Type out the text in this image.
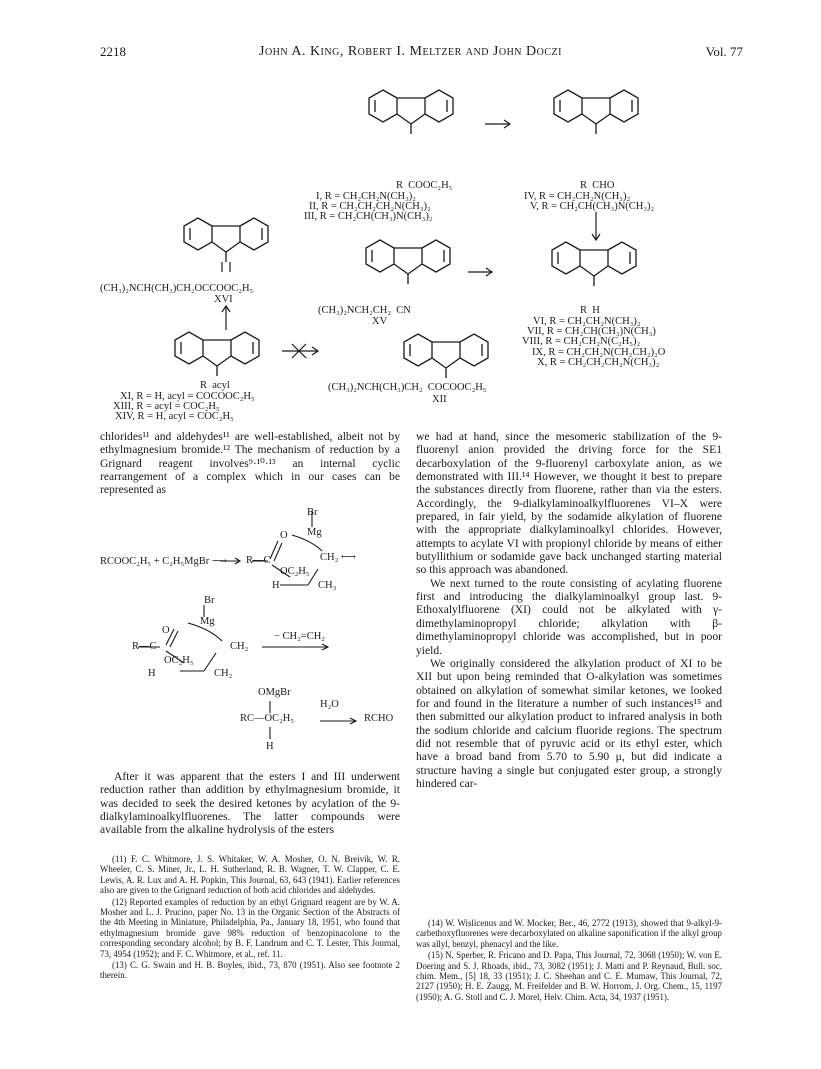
2218	John A. King, Robert I. Meltzer and John Doczi	Vol. 77
R  COOC₂H₅
I, R = CH₂CH₂N(CH₃)₂
II, R = CH₂CH₂CH₂N(CH₃)₂
III, R = CH₂CH(CH₃)N(CH₃)₂
R  CHO
IV, R = CH₂CH₂N(CH₃)₂
V, R = CH₂CH(CH₃)N(CH₃)₂
(CH₃)₂NCH(CH₃)CH₂OCCOOC₂H₅
XVI
(CH₃)₂NCH₂CH₂  CN
XV
R  H
VI, R = CH₂CH₂N(CH₃)₂
VII, R = CH₂CH(CH₃)N(CH₃)
VIII, R = CH₂CH₂N(C₂H₅)₂
IX, R = CH₂CH₂N(CH₂CH₂)₂O
X, R = CH₂CH₂CH₂N(CH₃)₂
R  acyl
XI, R = H, acyl = COCOOC₂H₅
XIII, R = acyl = COC₂H₅
XIV, R = H, acyl = COC₂H₅
(CH₃)₂NCH(CH₃)CH₂  COCOOC₂H₅
XII

chlorides¹¹ and aldehydes¹¹ are well-established, albeit not by ethylmagnesium bromide.¹² The mechanism of reduction by a Grignard reagent involves⁹·¹⁰·¹³ an internal cyclic rearrangement of a complex which in our cases can be represented as

RCOOC₂H₅ + C₂H₅MgBr ⟶ R—C
O
Br
Mg
OC₂H₅
CH₂ ⟷
H	CH₃
Br
Mg
O
R—C	CH₂
OC₂H₅
H	CH₂
− CH₂=CH₂
OMgBr
RC—OC₂H₅
H₂O
RCHO
H

After it was apparent that the esters I and III underwent reduction rather than addition by ethylmagnesium bromide, it was decided to seek the desired ketones by acylation of the 9-dialkylaminoalkylfluorenes. The latter compounds were available from the alkaline hydrolysis of the esters

(11) F. C. Whitmore, J. S. Whitaker, W. A. Mosher, O. N. Breivik, W. R. Wheeler, C. S. Miner, Jr., L. H. Sutherland, R. B. Wagner, T. W. Clapper, C. E. Lewis, A. R. Lux and A. H. Popkin, This Journal, 63, 643 (1941). Earlier references also are given to the Grignard reduction of both acid chlorides and aldehydes.

(12) Reported examples of reduction by an ethyl Grignard reagent are by W. A. Mosher and L. J. Prucino, paper No. 13 in the Organic Section of the Abstracts of the 4th Meeting in Miniature, Philadelphia, Pa., January 18, 1951, who found that ethylmagnesium bromide gave 98% reduction of benzopinacolone to the corresponding secondary alcohol; by B. F. Landrum and C. T. Lester, This Journal, 73, 4954 (1952); and F. C. Whitmore, et al., ref. 11.

(13) C. G. Swain and H. B. Boyles, ibid., 73, 870 (1951). Also see footnote 2 therein.

we had at hand, since the mesomeric stabilization of the 9-fluorenyl anion provided the driving force for the SE1 decarboxylation of the 9-fluorenyl carboxylate anion, as we demonstrated with III.¹⁴ However, we thought it best to prepare the substances directly from fluorene, rather than via the esters. Accordingly, the 9-dialkylaminoalkylfluorenes VI–X were prepared, in fair yield, by the sodamide alkylation of fluorene with the appropriate dialkylaminoalkyl chlorides. However, attempts to acylate VI with propionyl chloride by means of either butyllithium or sodamide gave back unchanged starting material so this approach was abandoned.

We next turned to the route consisting of acylating fluorene first and introducing the dialkylaminoalkyl group last. 9-Ethoxalylfluorene (XI) could not be alkylated with γ-dimethylaminopropyl chloride; alkylation with β-dimethylaminopropyl chloride was accomplished, but in poor yield.

We originally considered the alkylation product of XI to be XII but upon being reminded that O-alkylation was sometimes obtained on alkylation of somewhat similar ketones, we looked for and found in the literature a number of such instances¹⁵ and then submitted our alkylation product to infrared analysis in both the sodium chloride and calcium fluoride regions. The spectrum did not resemble that of pyruvic acid or its ethyl ester, which have a broad band from 5.70 to 5.90 μ, but did indicate a structure having a single but conjugated ester group, a strongly hindered car-

(14) W. Wislicenus and W. Mocker, Ber., 46, 2772 (1913), showed that 9-alkyl-9-carbethoxyfluorenes were decarboxylated on alkaline saponification if the alkyl group was allyl, benzyl, phenacyl and the like.

(15) N. Sperber, R. Fricano and D. Papa, This Journal, 72, 3068 (1950); W. von E. Doering and S. J. Rhoads, ibid., 73, 3082 (1951); J. Matti and P. Reynaud, Bull. soc. chim. Mem., [5] 18, 33 (1951); J. C. Sheehan and C. E. Mumaw, This Journal, 72, 2127 (1950); H. E. Zaugg, M. Freifelder and B. W. Horrom, J. Org. Chem., 15, 1197 (1950); A. G. Stoll and C. J. Morel, Helv. Chim. Acta, 34, 1937 (1951).
